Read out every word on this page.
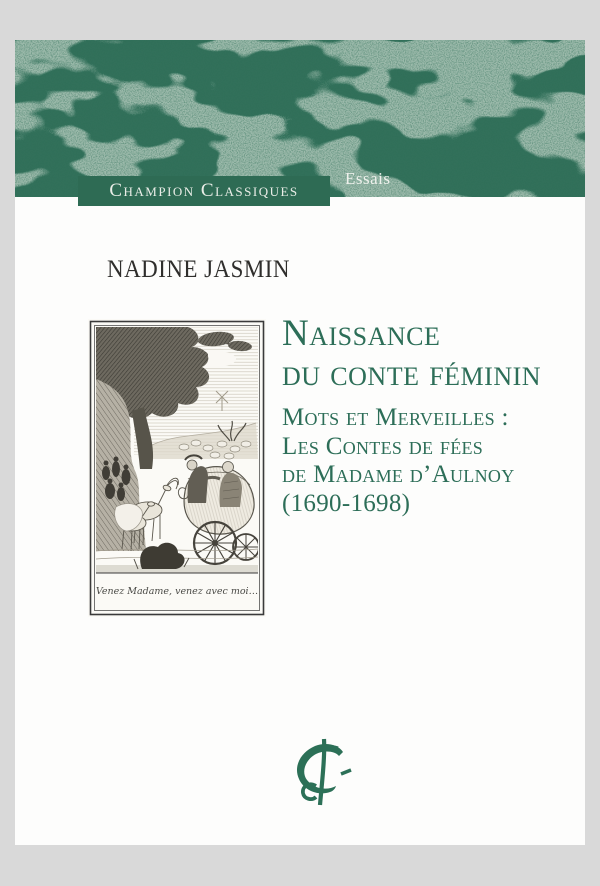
Champion Classiques
Essais
NADINE JASMIN
Venez Madame, venez avec moi…
Naissance
du conte féminin
Mots et Merveilles :
Les Contes de fées
de Madame d’Aulnoy
(1690-1698)
